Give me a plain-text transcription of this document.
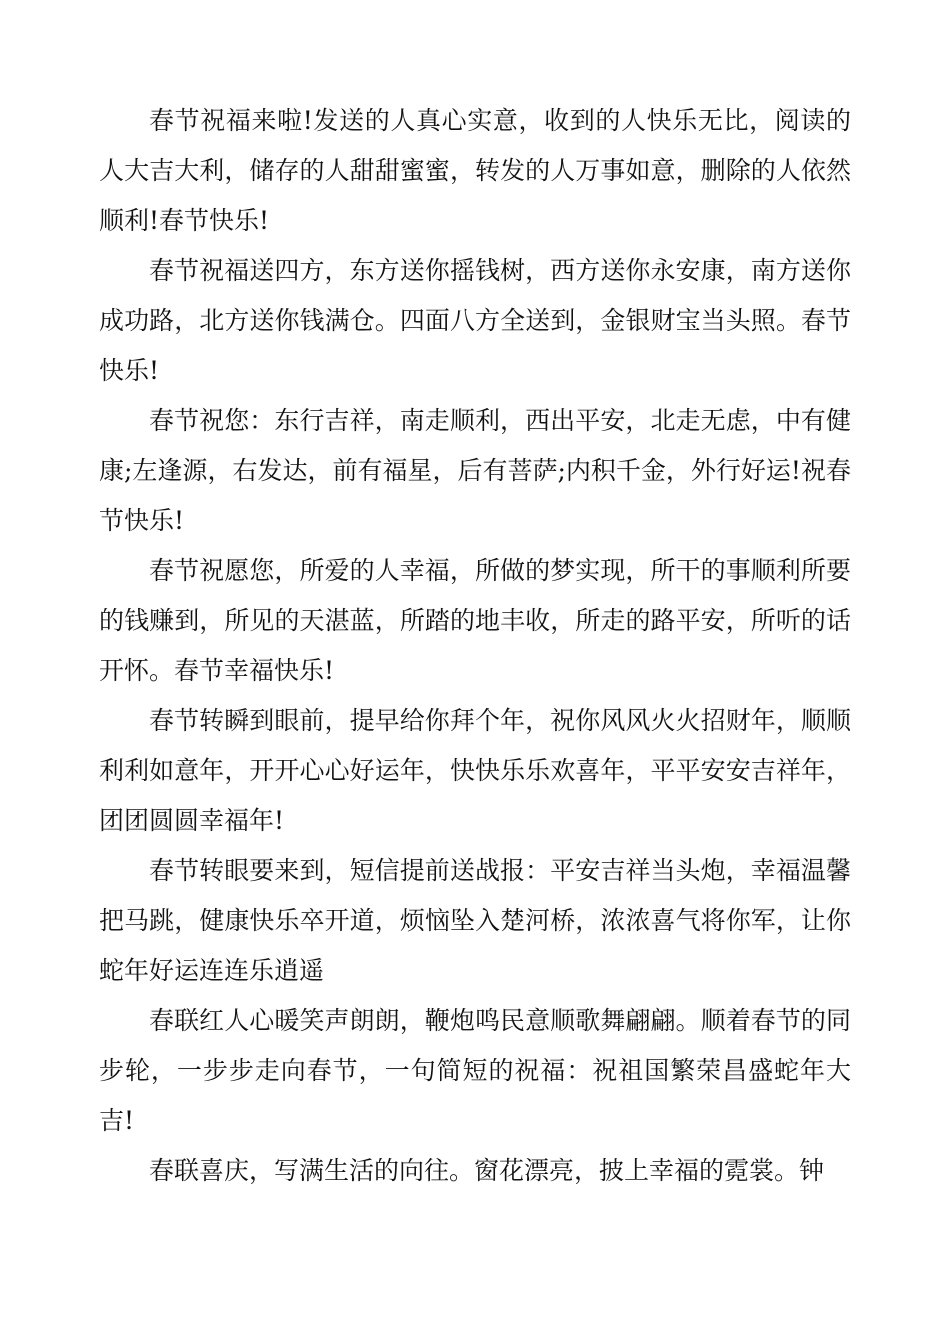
春节祝福来啦!发送的人真心实意，收到的人快乐无比，阅读的人大吉大利，储存的人甜甜蜜蜜，转发的人万事如意，删除的人依然顺利!春节快乐!

春节祝福送四方，东方送你摇钱树，西方送你永安康，南方送你成功路，北方送你钱满仓。四面八方全送到，金银财宝当头照。春节快乐!

春节祝您：东行吉祥，南走顺利，西出平安，北走无虑，中有健康;左逢源，右发达，前有福星，后有菩萨;内积千金，外行好运!祝春节快乐!

春节祝愿您，所爱的人幸福，所做的梦实现，所干的事顺利所要的钱赚到，所见的天湛蓝，所踏的地丰收，所走的路平安，所听的话开怀。春节幸福快乐!

春节转瞬到眼前，提早给你拜个年，祝你风风火火招财年，顺顺利利如意年，开开心心好运年，快快乐乐欢喜年，平平安安吉祥年，团团圆圆幸福年!

春节转眼要来到，短信提前送战报：平安吉祥当头炮，幸福温馨把马跳，健康快乐卒开道，烦恼坠入楚河桥，浓浓喜气将你军，让你蛇年好运连连乐逍遥

春联红人心暖笑声朗朗，鞭炮鸣民意顺歌舞翩翩。顺着春节的同步轮，一步步走向春节，一句简短的祝福：祝祖国繁荣昌盛蛇年大吉!

春联喜庆，写满生活的向往。窗花漂亮，披上幸福的霓裳。钟
